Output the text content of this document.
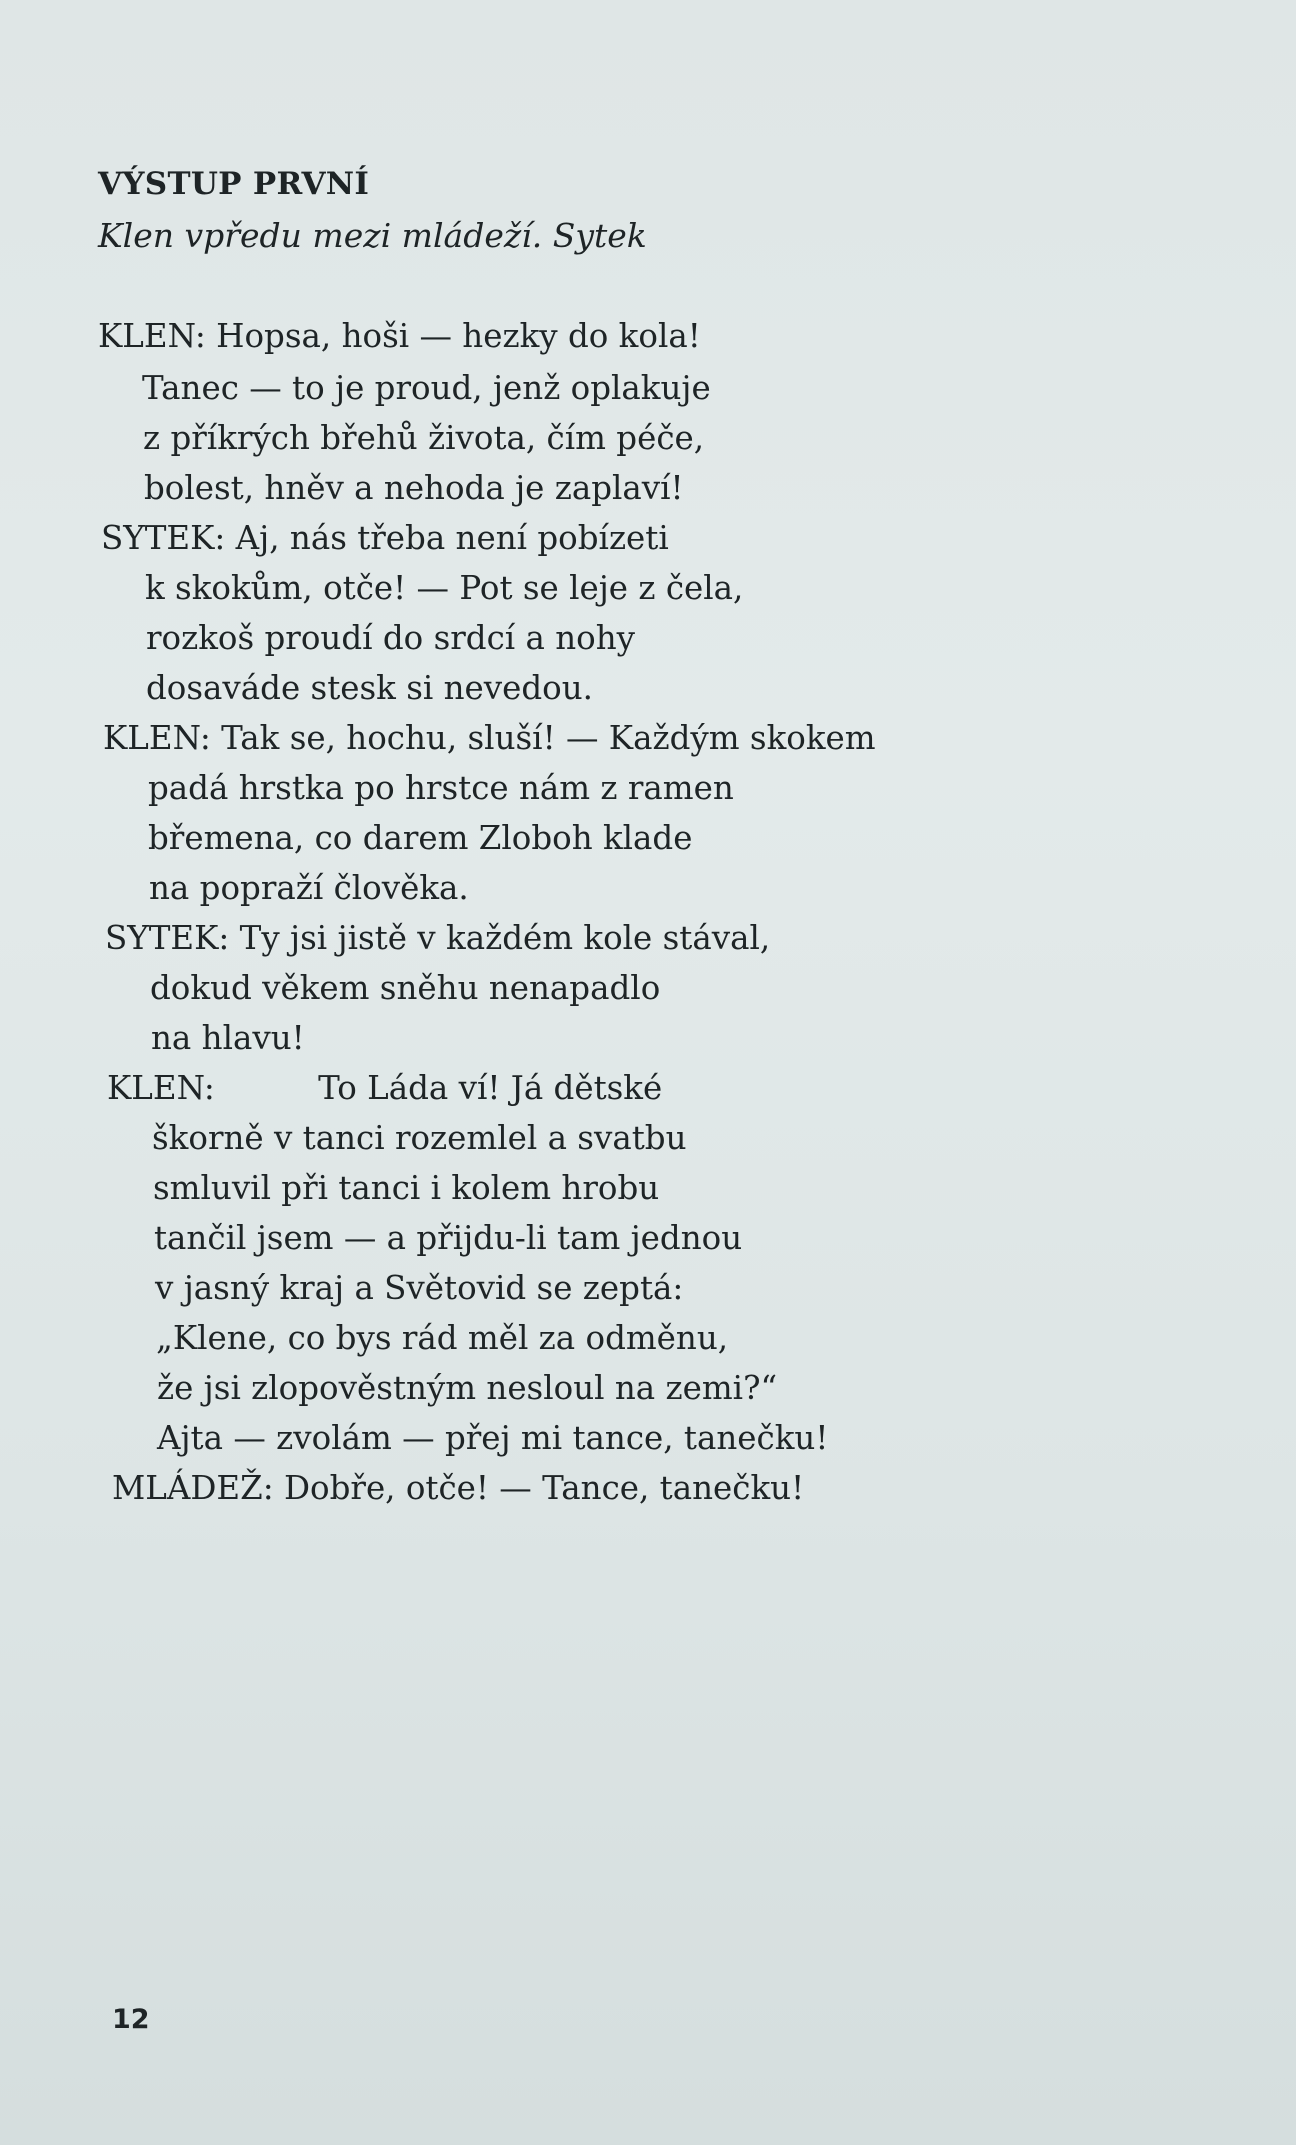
VÝSTUP PRVNÍ

Klen vpředu mezi mládeží. Sytek

KLEN: Hopsa, hoši — hezky do kola!
Tanec — to je proud, jenž oplakuje
z příkrých břehů života, čím péče,
bolest, hněv a nehoda je zaplaví!
SYTEK: Aj, nás třeba není pobízeti
k skokům, otče! — Pot se leje z čela,
rozkoš proudí do srdcí a nohy
dosaváde stesk si nevedou.
KLEN: Tak se, hochu, sluší! — Každým skokem
padá hrstka po hrstce nám z ramen
břemena, co darem Zloboh klade
na popraží člověka.
SYTEK: Ty jsi jistě v každém kole stával,
dokud věkem sněhu nenapadlo
na hlavu!
KLEN:          To Láda ví! Já dětské
škorně v tanci rozemlel a svatbu
smluvil při tanci i kolem hrobu
tančil jsem — a přijdu-li tam jednou
v jasný kraj a Světovid se zeptá:
„Klene, co bys rád měl za odměnu,
že jsi zlopověstným nesloul na zemi?“
Ajta — zvolám — přej mi tance, tanečku!
MLÁDEŽ: Dobře, otče! — Tance, tanečku!
12
